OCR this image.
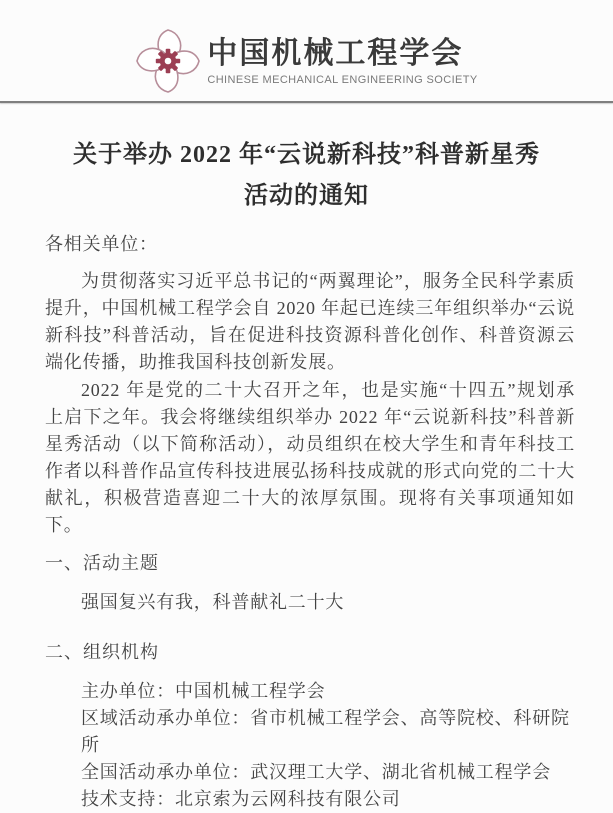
中国机械工程学会
CHINESE MECHANICAL ENGINEERING SOCIETY
关于举办 2022 年“云说新科技”科普新星秀
活动的通知

各相关单位：

为贯彻落实习近平总书记的“两翼理论”，服务全民科学素质提升，中国机械工程学会自 2020 年起已连续三年组织举办“云说新科技”科普活动，旨在促进科技资源科普化创作、科普资源云端化传播，助推我国科技创新发展。

2022 年是党的二十大召开之年，也是实施“十四五”规划承上启下之年。我会将继续组织举办 2022 年“云说新科技”科普新星秀活动（以下简称活动），动员组织在校大学生和青年科技工作者以科普作品宣传科技进展弘扬科技成就的形式向党的二十大献礼，积极营造喜迎二十大的浓厚氛围。现将有关事项通知如下。

一、活动主题

强国复兴有我，科普献礼二十大

二、组织机构

主办单位：中国机械工程学会

区域活动承办单位：省市机械工程学会、高等院校、科研院所

全国活动承办单位：武汉理工大学、湖北省机械工程学会

技术支持：北京索为云网科技有限公司
